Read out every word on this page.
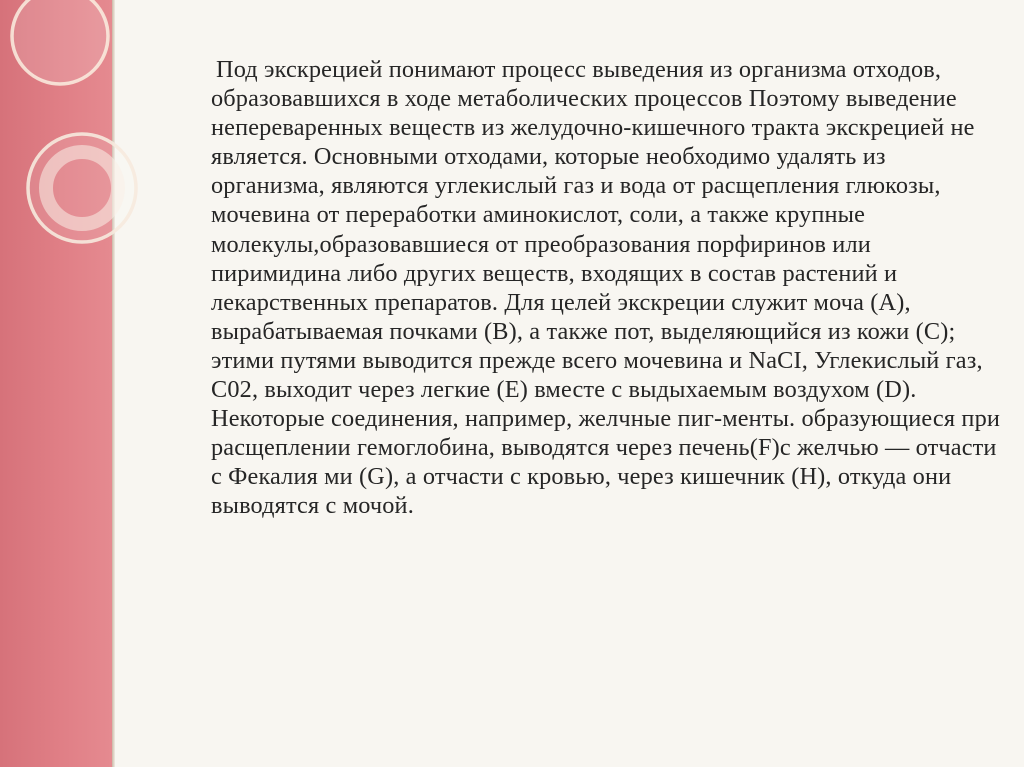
Под экскрецией понимают процесс выведения из организма отходов, образовавшихся в ходе метаболических процессов Поэтому выведение непереваренных веществ из желудочно-кишечного тракта экскрецией не является. Основными отходами, которые необходимо удалять из организма, являются углекислый газ и вода от расщепления глюкозы, мочевина от переработки аминокислот, соли, а также крупные молекулы,образовавшиеся от преобразования порфиринов или пиримидина либо других веществ, входящих в состав растений и лекарственных препаратов. Для целей экскреции служит моча (A), вырабатываемая почками (B), а также пот, выделяющийся из кожи (C); этими путями выводится прежде всего мочевина и NaCI, Углекислый газ, С02, выходит через легкие (E) вместе с выдыхаемым воздухом (D). Некоторые соединения, например, желчные пиг-менты. образующиеся при расщеплении гемоглобина, выводятся через печень(F)с желчью — отчасти с Фекалия ми (G), а отчасти с кровью, через кишечник (H), откуда они выводятся с мочой.
